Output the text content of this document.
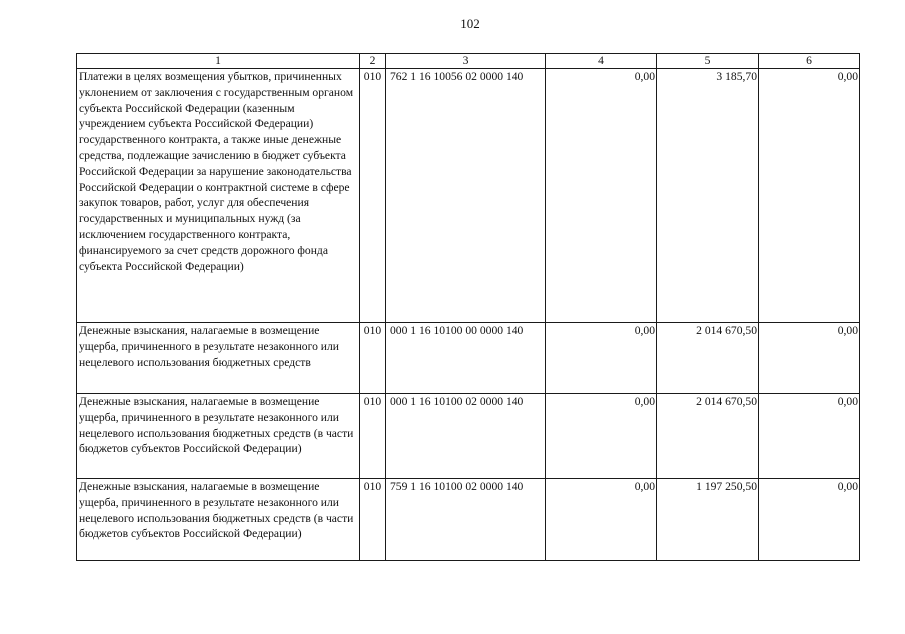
102
1	2	3	4	5	6
Платежи в целях возмещения убытков, причиненных уклонением от заключения с государственным органом субъекта Российской Федерации (казенным учреждением субъекта Российской Федерации) государственного контракта, а также иные денежные средства, подлежащие зачислению в бюджет субъекта Российской Федерации за нарушение законодательства Российской Федерации о контрактной системе в сфере закупок товаров, работ, услуг для обеспечения государственных и муниципальных нужд (за исключением государственного контракта, финансируемого за счет средств дорожного фонда субъекта Российской Федерации)	010	762 1 16 10056 02 0000 140	0,00	3 185,70	0,00
Денежные взыскания, налагаемые в возмещение ущерба, причиненного в результате незаконного или нецелевого использования бюджетных средств	010	000 1 16 10100 00 0000 140	0,00	2 014 670,50	0,00
Денежные взыскания, налагаемые в возмещение ущерба, причиненного в результате незаконного или нецелевого использования бюджетных средств (в части бюджетов субъектов Российской Федерации)	010	000 1 16 10100 02 0000 140	0,00	2 014 670,50	0,00
Денежные взыскания, налагаемые в возмещение ущерба, причиненного в результате незаконного или нецелевого использования бюджетных средств (в части бюджетов субъектов Российской Федерации)	010	759 1 16 10100 02 0000 140	0,00	1 197 250,50	0,00
